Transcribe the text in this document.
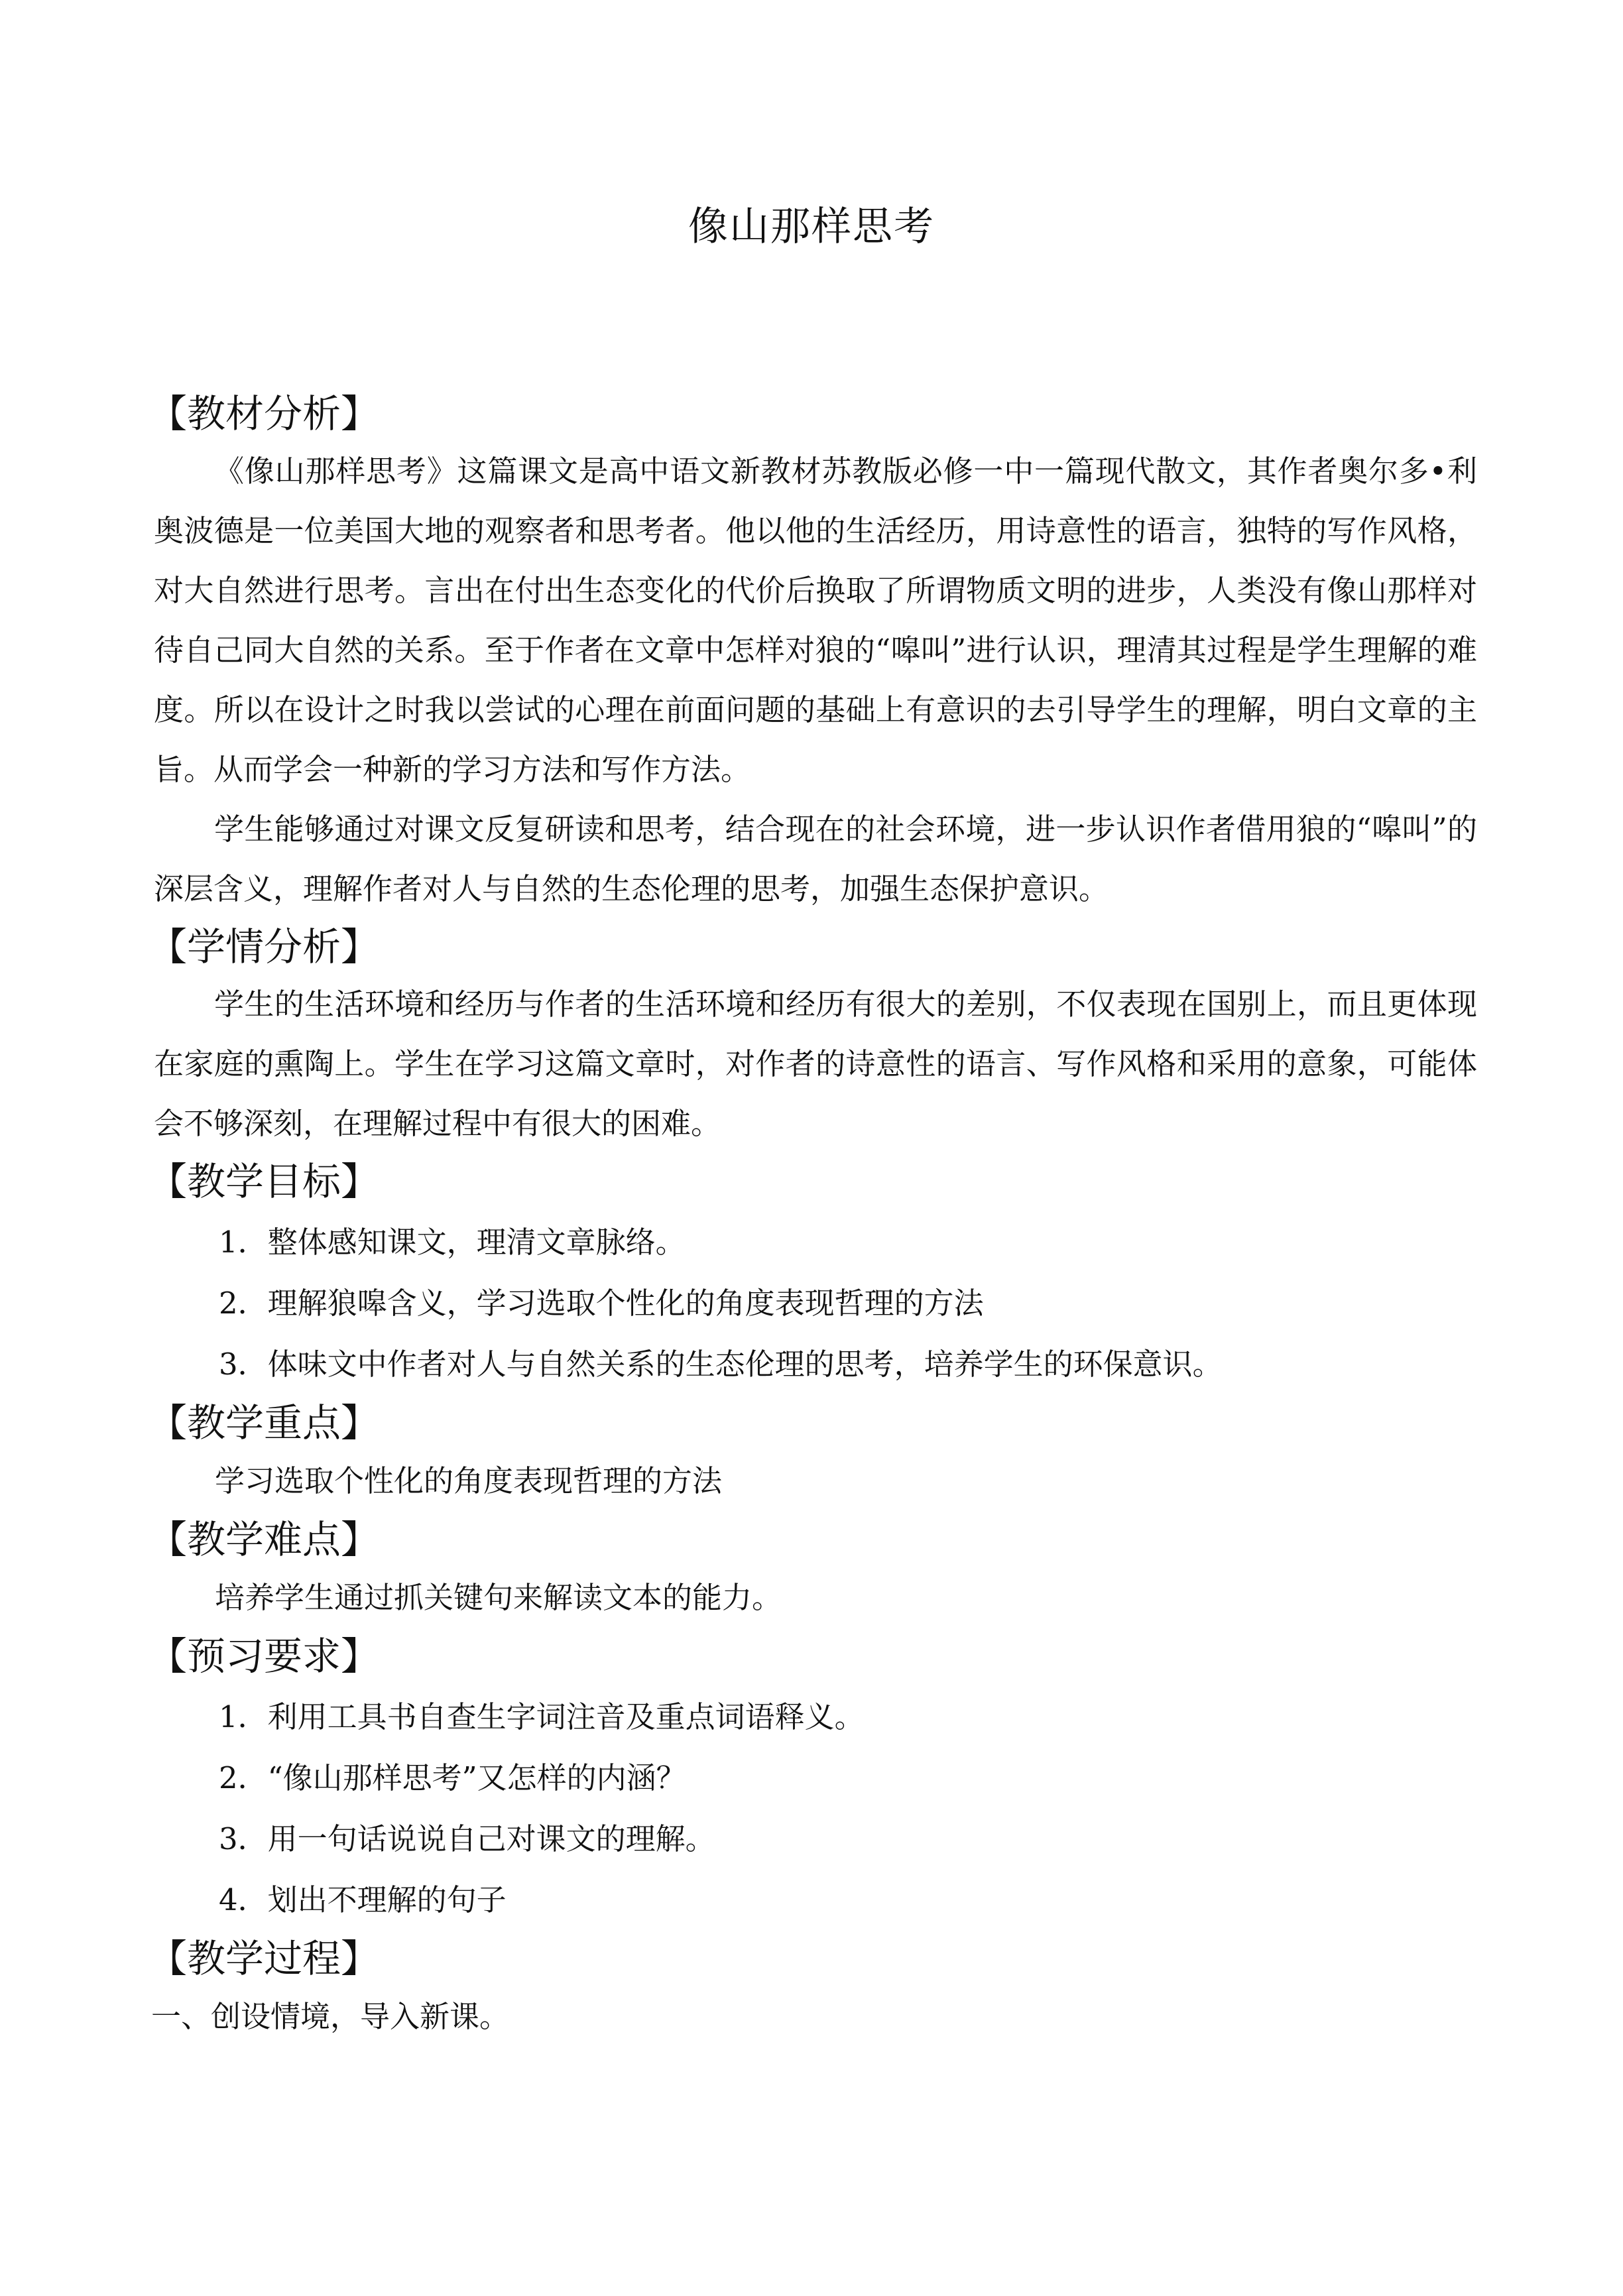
像山那样思考
【教材分析】

《像山那样思考》这篇课文是高中语文新教材苏教版必修一中一篇现代散文，其作者奥尔多•利奥波德是一位美国大地的观察者和思考者。他以他的生活经历，用诗意性的语言，独特的写作风格，对大自然进行思考。言出在付出生态变化的代价后换取了所谓物质文明的进步，人类没有像山那样对待自己同大自然的关系。至于作者在文章中怎样对狼的“嗥叫”进行认识，理清其过程是学生理解的难度。所以在设计之时我以尝试的心理在前面问题的基础上有意识的去引导学生的理解，明白文章的主旨。从而学会一种新的学习方法和写作方法。

学生能够通过对课文反复研读和思考，结合现在的社会环境，进一步认识作者借用狼的“嗥叫”的深层含义，理解作者对人与自然的生态伦理的思考，加强生态保护意识。

【学情分析】

学生的生活环境和经历与作者的生活环境和经历有很大的差别，不仅表现在国别上，而且更体现在家庭的熏陶上。学生在学习这篇文章时，对作者的诗意性的语言、写作风格和采用的意象，可能体会不够深刻，在理解过程中有很大的困难。

【教学目标】
1．整体感知课文，理清文章脉络。
2．理解狼嗥含义，学习选取个性化的角度表现哲理的方法
3．体味文中作者对人与自然关系的生态伦理的思考，培养学生的环保意识。
【教学重点】
学习选取个性化的角度表现哲理的方法
【教学难点】
培养学生通过抓关键句来解读文本的能力。
【预习要求】
1．利用工具书自查生字词注音及重点词语释义。
2．“像山那样思考”又怎样的内涵？
3．用一句话说说自己对课文的理解。
4．划出不理解的句子
【教学过程】
一、创设情境，导入新课。
